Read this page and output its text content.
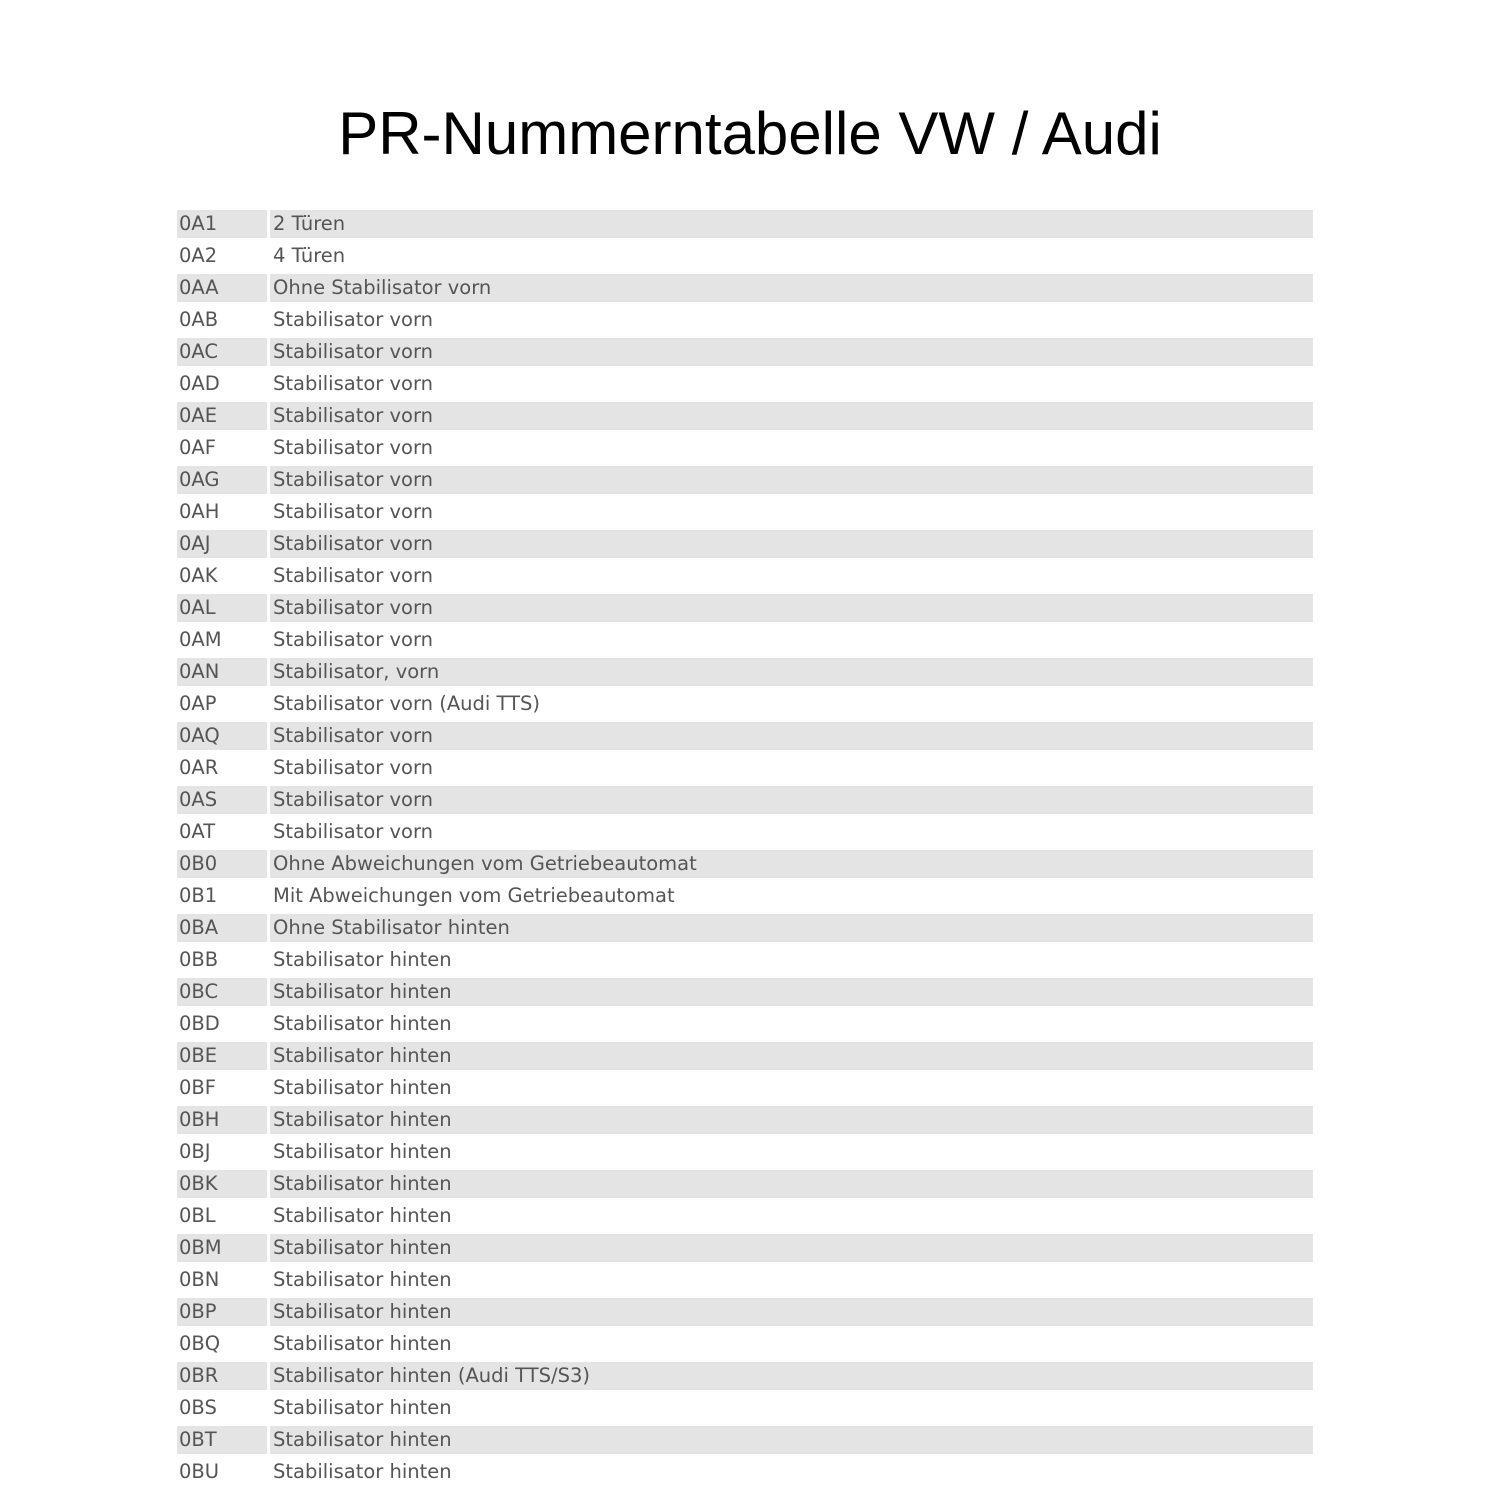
PR-Nummerntabelle VW / Audi
0A1	2 Türen
0A2	4 Türen
0AA	Ohne Stabilisator vorn
0AB	Stabilisator vorn
0AC	Stabilisator vorn
0AD	Stabilisator vorn
0AE	Stabilisator vorn
0AF	Stabilisator vorn
0AG	Stabilisator vorn
0AH	Stabilisator vorn
0AJ	Stabilisator vorn
0AK	Stabilisator vorn
0AL	Stabilisator vorn
0AM	Stabilisator vorn
0AN	Stabilisator, vorn
0AP	Stabilisator vorn (Audi TTS)
0AQ	Stabilisator vorn
0AR	Stabilisator vorn
0AS	Stabilisator vorn
0AT	Stabilisator vorn
0B0	Ohne Abweichungen vom Getriebeautomat
0B1	Mit Abweichungen vom Getriebeautomat
0BA	Ohne Stabilisator hinten
0BB	Stabilisator hinten
0BC	Stabilisator hinten
0BD	Stabilisator hinten
0BE	Stabilisator hinten
0BF	Stabilisator hinten
0BH	Stabilisator hinten
0BJ	Stabilisator hinten
0BK	Stabilisator hinten
0BL	Stabilisator hinten
0BM	Stabilisator hinten
0BN	Stabilisator hinten
0BP	Stabilisator hinten
0BQ	Stabilisator hinten
0BR	Stabilisator hinten (Audi TTS/S3)
0BS	Stabilisator hinten
0BT	Stabilisator hinten
0BU	Stabilisator hinten
